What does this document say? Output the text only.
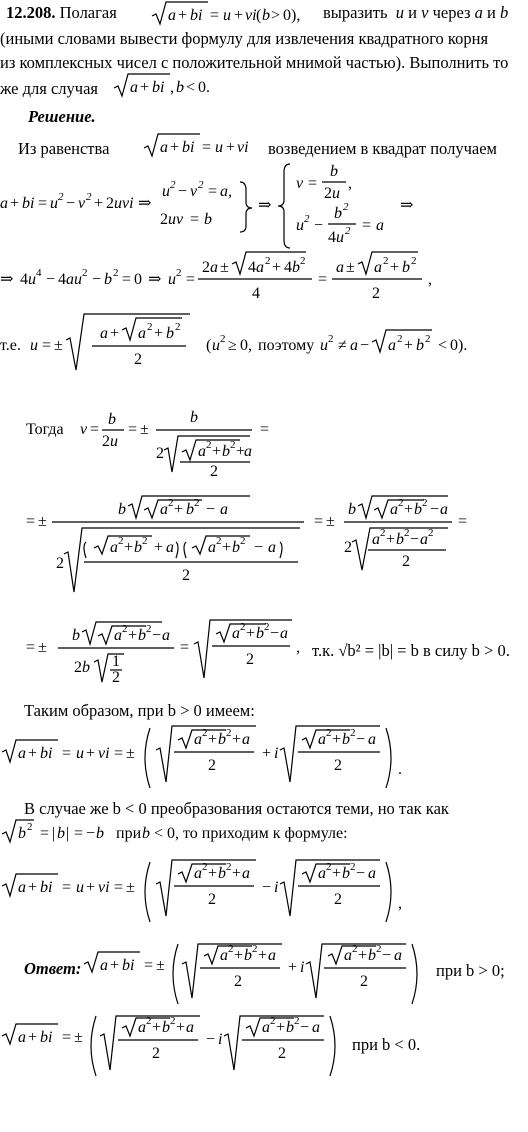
12.208. Полагая	a + bi = u + vi ( b > 0 ), выразить u и v через a и b
(иными словами вывести формулу для извлечения квадратного корня
из комплексных чисел с положительной мнимой частью). Выполнить то
же для случая a + bi , b < 0.
Решение.
Из равенства	a + bi = u + vi возведением в квадрат получаем
a + bi = u 2 − v 2 + 2 uvi ⇒
u 2 − v 2 = a,
2 uv = b
⇒
v =
b
2 u
,
u 2 −
b 2
4 u 2 = a
⇒
⇒ 4 u 4 − 4 au 2 − b 2 = 0 ⇒ u 2 =
2 a ± 4 a 2 + 4 b 2
4
=
a ± a 2 + b 2
2
,
т.е. u = ±
a + a 2 + b 2
2
( u 2 ≥ 0, поэтому u 2 ≠ a − a 2 + b 2 < 0 ).
Тогда v =
b
2 u
= ±
b
2 a 2 + b 2 +
a
2
=
= ±
b a 2 + b 2 − a
2
a 2 + b 2 + a a 2 + b 2 − a
2
= ±
b a 2 + b 2 − a
2 a 2 + b 2 − a 2
2
=
= ±
b a 2 + b 2 − a
2 b 1
2
=
a 2 + b 2 − a
2
, т.к. √b² = |b| = b в силу b > 0.
Таким образом, при b > 0 имеем:
a + bi = u + vi = ±
a 2 + b 2 + a
2
+ i
a 2 + b 2 − a
2	.
В случае же b < 0 преобразования остаются теми, но так как
b 2 = | b | = − b при b < 0, то приходим к формуле:
a + bi = u + vi = ±
a 2 + b 2 + a
2
− i
a 2 + b 2 − a
2	,
Ответ: a + bi = ±
a 2 + b 2 + a
2
+ i
a 2 + b 2 − a
2
при b > 0;
a + bi = ±
a 2 + b 2 + a
2
− i
a 2 + b 2 − a
2	при b < 0.
